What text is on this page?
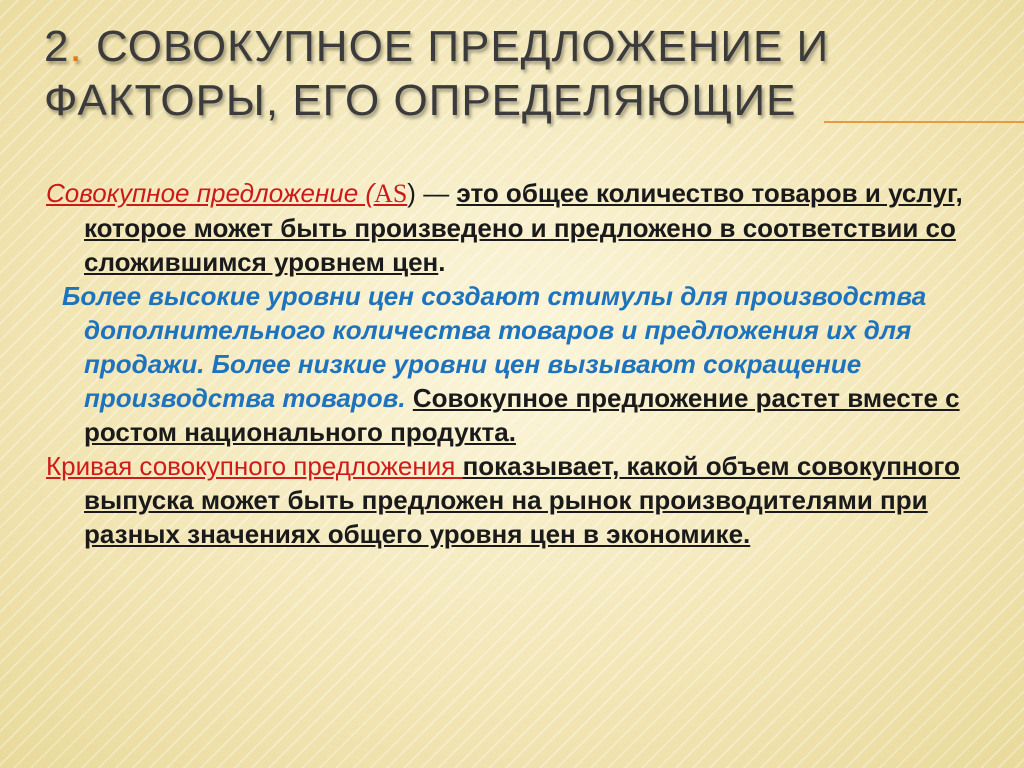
2. СОВОКУПНОЕ ПРЕДЛОЖЕНИЕ И ФАКТОРЫ, ЕГО ОПРЕДЕЛЯЮЩИЕ

Совокупное предложение (AS) — это общее количество товаров и услуг, которое может быть произведено и предложено в соответствии со сложившимся уровнем цен.

Более высокие уровни цен создают стимулы для производства дополнительного количества товаров и предложения их для продажи. Более низкие уровни цен вызывают сокращение производства товаров. Совокупное предложение растет вместе с ростом национального продукта.

Кривая совокупного предложения показывает, какой объем совокупного выпуска может быть предложен на рынок производителями при разных значениях общего уровня цен в экономике.
